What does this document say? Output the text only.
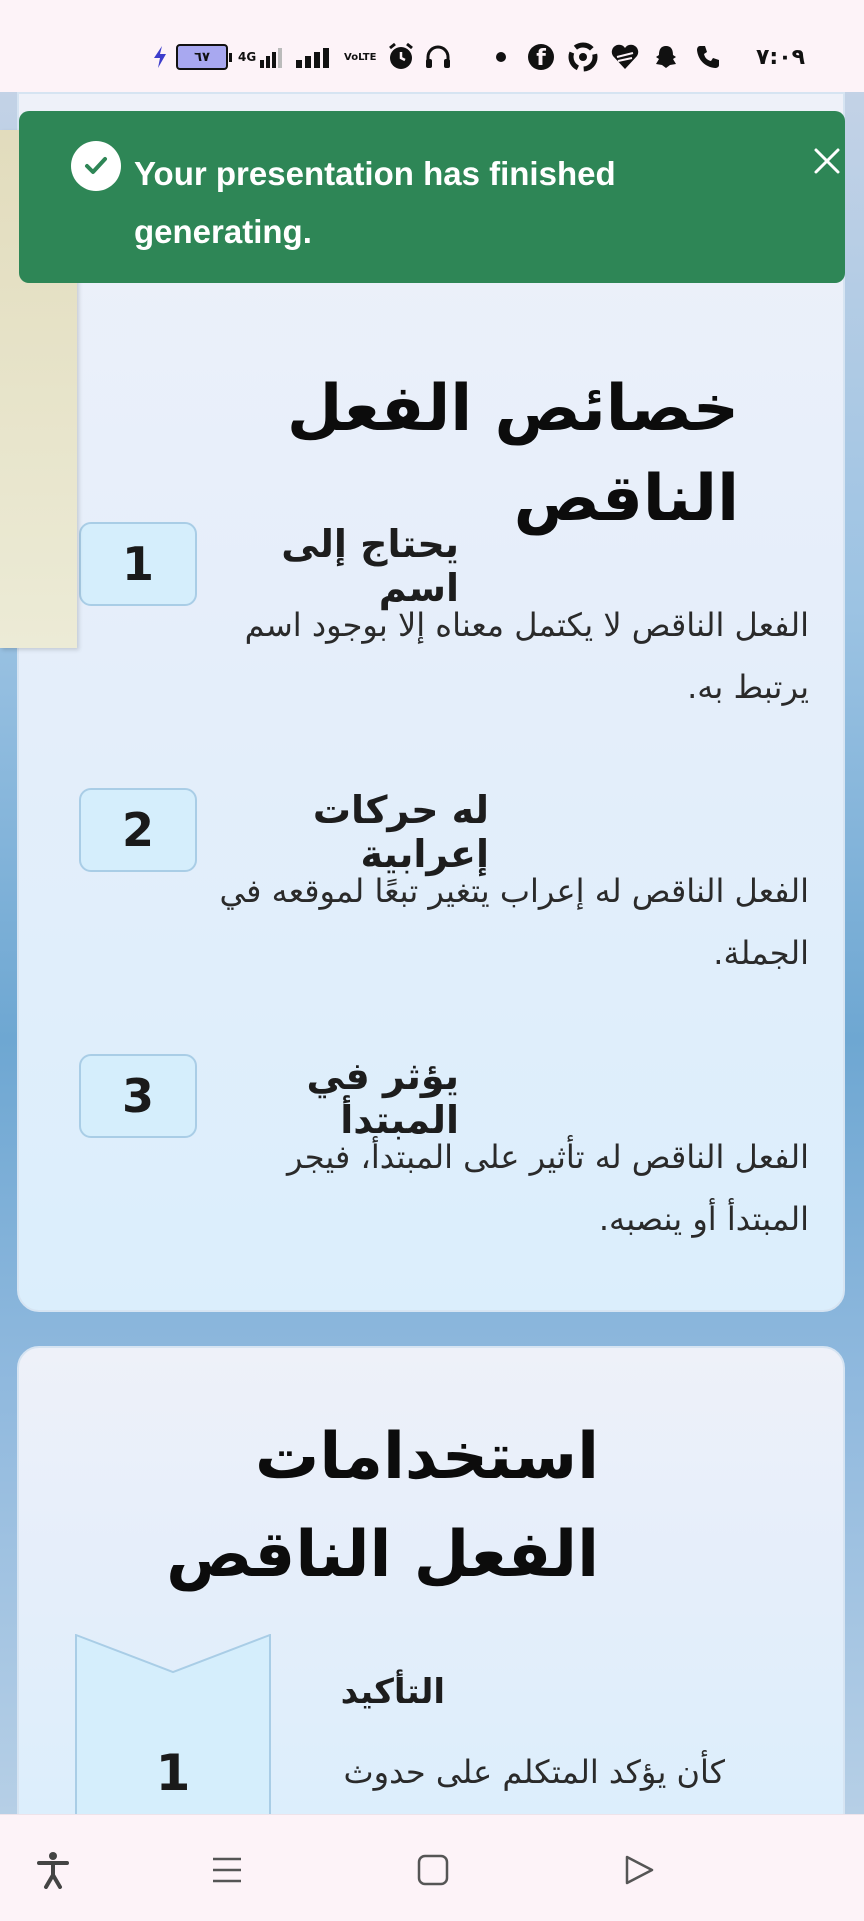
٦٧	4G	VoLTE	f	٧:٠٩
خصائص الفعل الناقص
1	يحتاج إلى اسم
الفعل الناقص لا يكتمل معناه إلا بوجود اسم يرتبط به.
2	له حركات إعرابية
الفعل الناقص له إعراب يتغير تبعًا لموقعه في الجملة.
3	يؤثر في المبتدأ
الفعل الناقص له تأثير على المبتدأ، فيجر المبتدأ أو ينصبه.
استخدامات الفعل الناقص
التأكيد
كأن يؤكد المتكلم على حدوث
1
Your presentation has finished generating.
